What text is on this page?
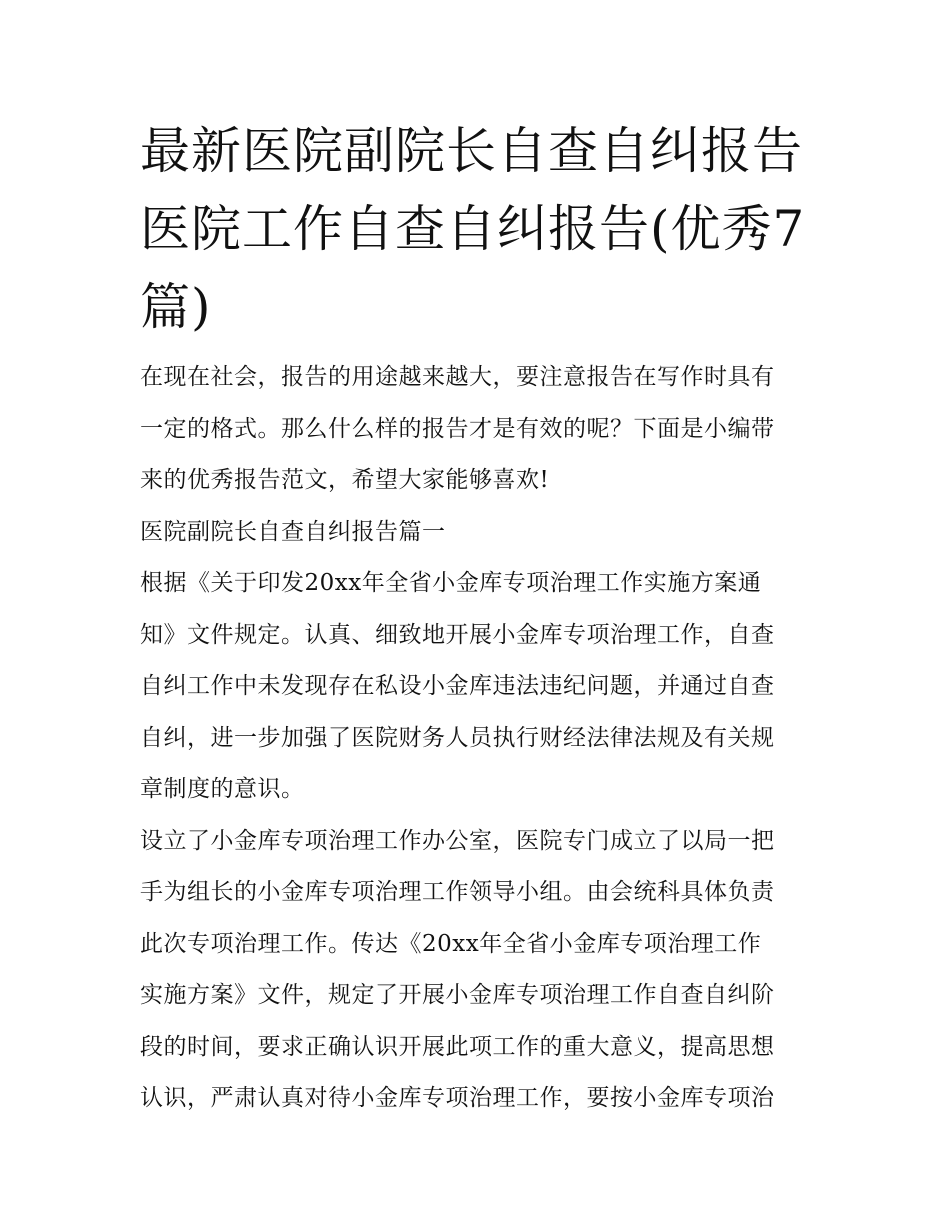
最新医院副院长自查自纠报告
医院工作自查自纠报告(优秀7
篇)

在现在社会，报告的用途越来越大，要注意报告在写作时具有
一定的格式。那么什么样的报告才是有效的呢？下面是小编带
来的优秀报告范文，希望大家能够喜欢!

医院副院长自查自纠报告篇一

根据《关于印发20xx年全省小金库专项治理工作实施方案通
知》文件规定。认真、细致地开展小金库专项治理工作，自查
自纠工作中未发现存在私设小金库违法违纪问题，并通过自查
自纠，进一步加强了医院财务人员执行财经法律法规及有关规
章制度的意识。

设立了小金库专项治理工作办公室，医院专门成立了以局一把
手为组长的小金库专项治理工作领导小组。由会统科具体负责
此次专项治理工作。传达《20xx年全省小金库专项治理工作
实施方案》文件，规定了开展小金库专项治理工作自查自纠阶
段的时间，要求正确认识开展此项工作的重大意义，提高思想
认识，严肃认真对待小金库专项治理工作，要按小金库专项治
